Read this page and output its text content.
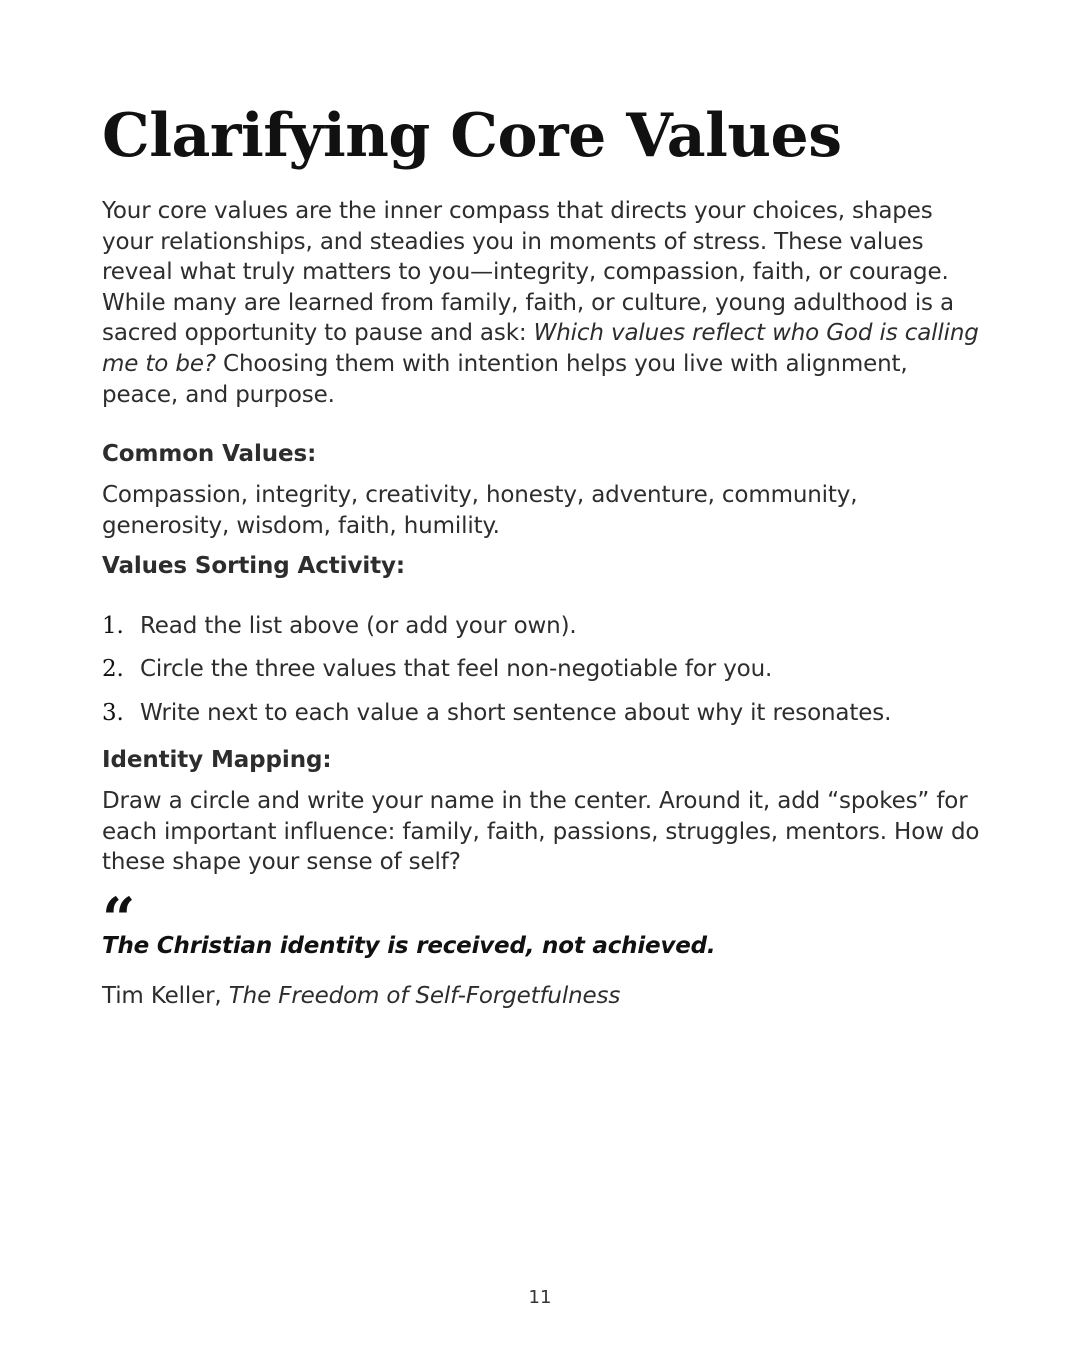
Clarifying Core Values

Your core values are the inner compass that directs your choices, shapes your relationships, and steadies you in moments of stress. These values reveal what truly matters to you—integrity, compassion, faith, or courage. While many are learned from family, faith, or culture, young adulthood is a sacred opportunity to pause and ask: Which values reflect who God is calling me to be? Choosing them with intention helps you live with alignment, peace, and purpose.

Common Values:

Compassion, integrity, creativity, honesty, adventure, community, generosity, wisdom, faith, humility.

Values Sorting Activity:
1. Read the list above (or add your own).
2. Circle the three values that feel non-negotiable for you.
3. Write next to each value a short sentence about why it resonates.
Identity Mapping:

Draw a circle and write your name in the center. Around it, add “spokes” for each important influence: family, faith, passions, struggles, mentors. How do these shape your sense of self?

“

The Christian identity is received, not achieved.

Tim Keller, The Freedom of Self-Forgetfulness

11
